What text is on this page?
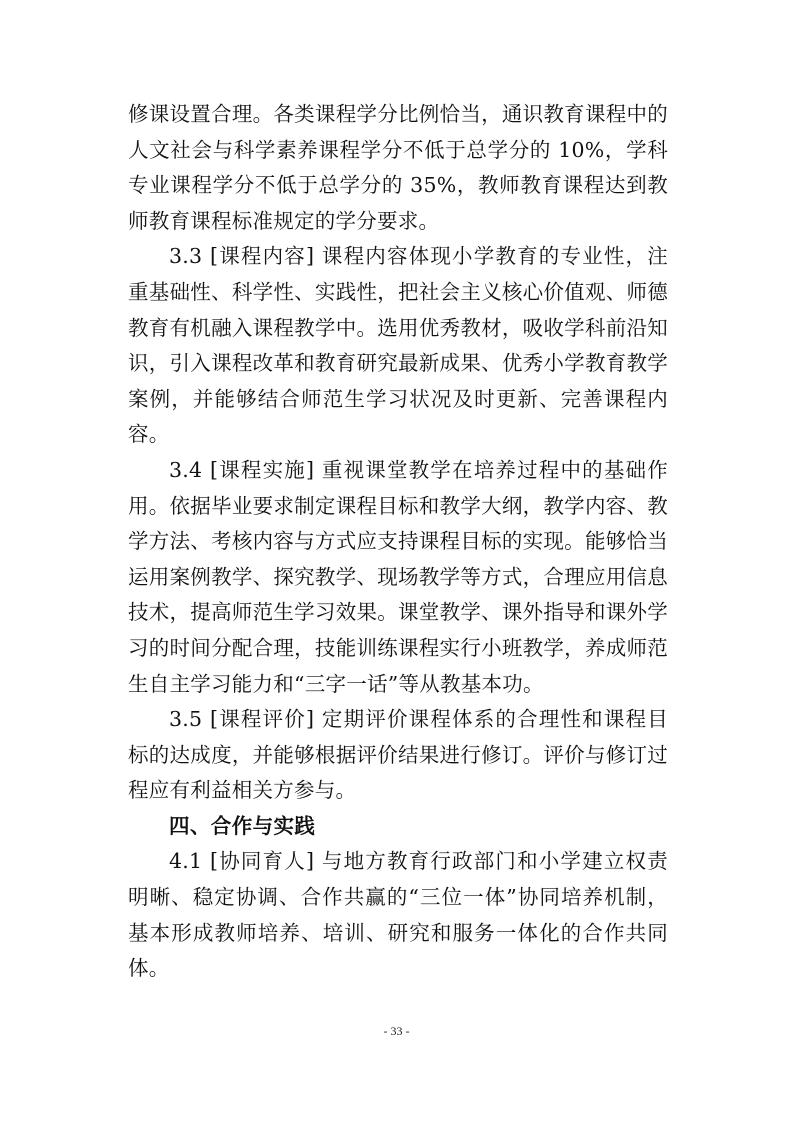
修课设置合理。各类课程学分比例恰当，通识教育课程中的人文社会与科学素养课程学分不低于总学分的 10%，学科专业课程学分不低于总学分的 35%，教师教育课程达到教师教育课程标准规定的学分要求。

3.3 [课程内容] 课程内容体现小学教育的专业性，注重基础性、科学性、实践性，把社会主义核心价值观、师德教育有机融入课程教学中。选用优秀教材，吸收学科前沿知识，引入课程改革和教育研究最新成果、优秀小学教育教学案例，并能够结合师范生学习状况及时更新、完善课程内容。

3.4 [课程实施] 重视课堂教学在培养过程中的基础作用。依据毕业要求制定课程目标和教学大纲，教学内容、教学方法、考核内容与方式应支持课程目标的实现。能够恰当运用案例教学、探究教学、现场教学等方式，合理应用信息技术，提高师范生学习效果。课堂教学、课外指导和课外学习的时间分配合理，技能训练课程实行小班教学，养成师范生自主学习能力和“三字一话”等从教基本功。

3.5 [课程评价] 定期评价课程体系的合理性和课程目标的达成度，并能够根据评价结果进行修订。评价与修订过程应有利益相关方参与。

四、合作与实践

4.1 [协同育人] 与地方教育行政部门和小学建立权责明晰、稳定协调、合作共赢的“三位一体”协同培养机制，基本形成教师培养、培训、研究和服务一体化的合作共同体。

- 33 -
